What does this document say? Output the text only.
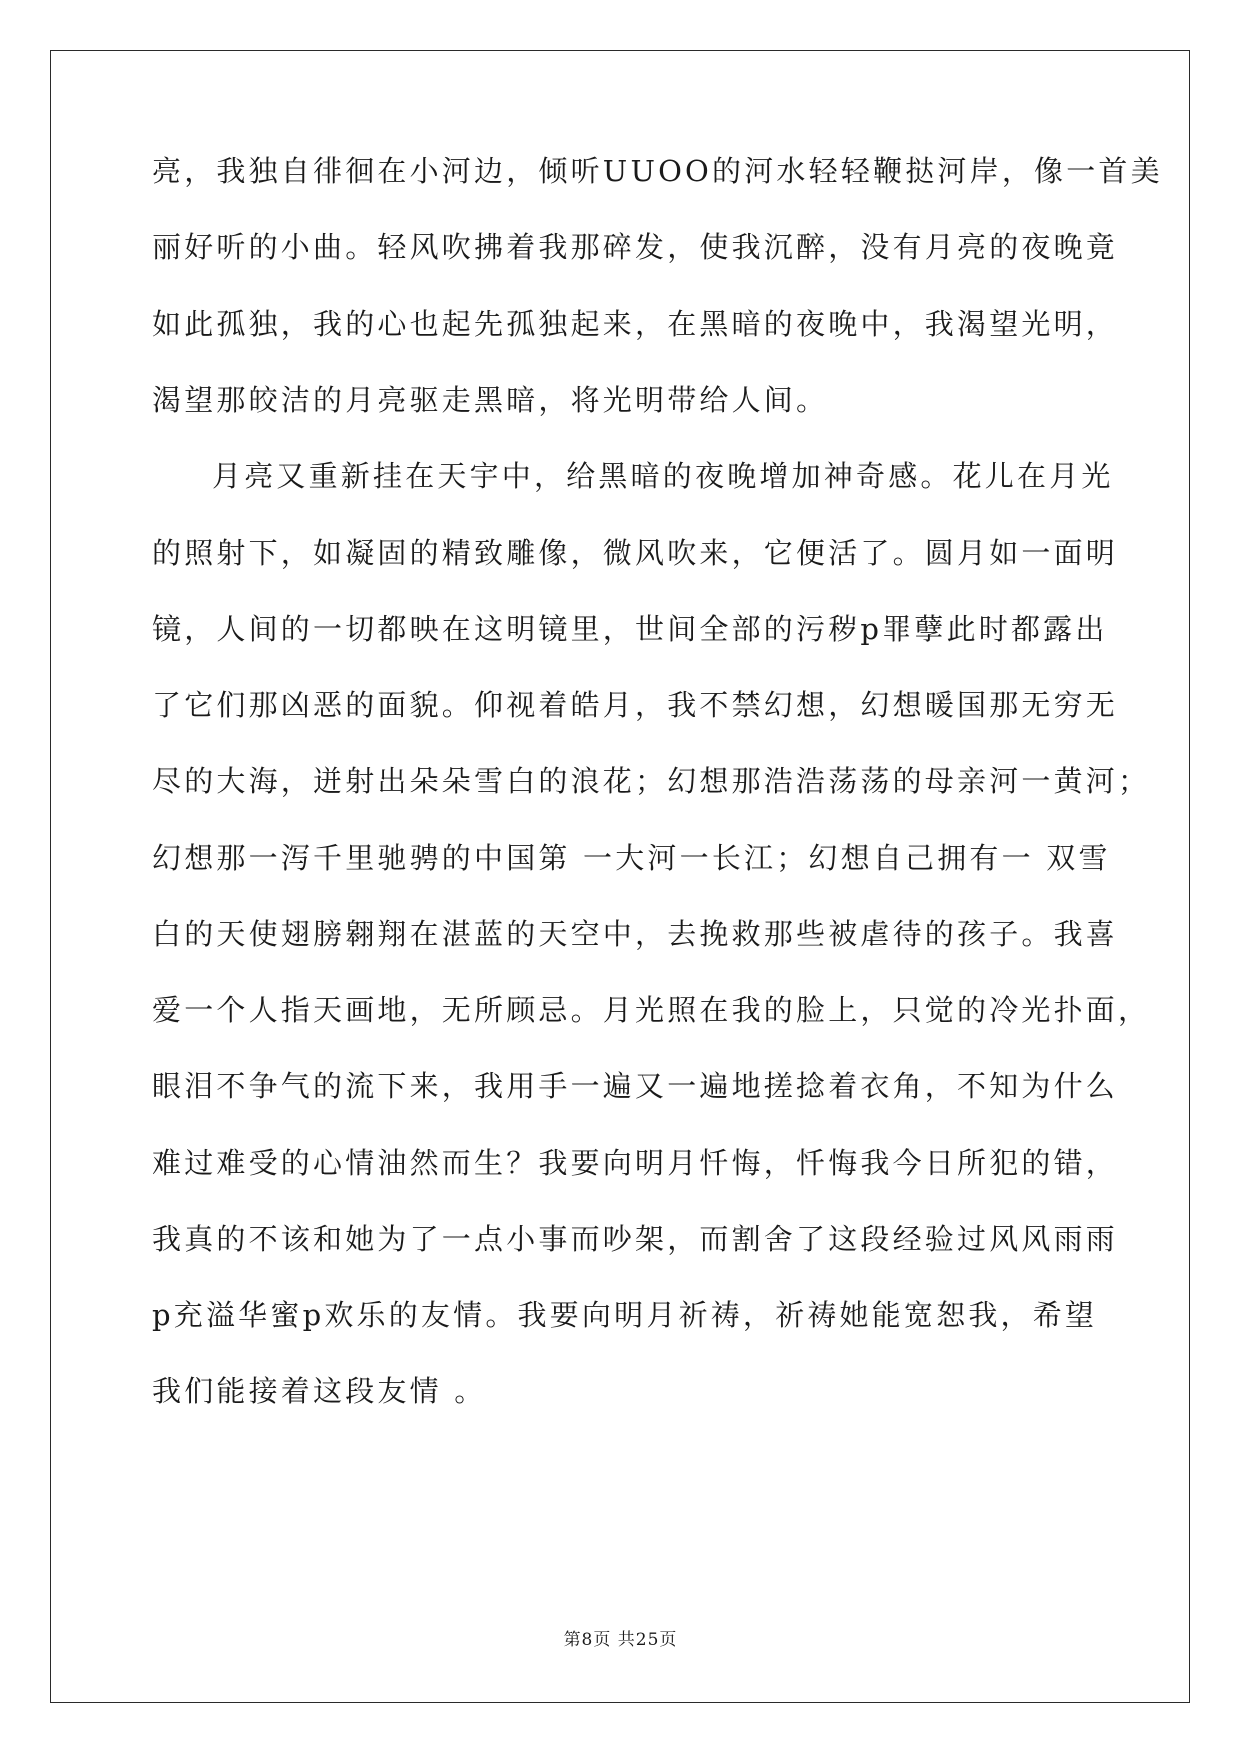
亮，我独自徘徊在小河边，倾听UUOO的河水轻轻鞭挞河岸，像一首美
丽好听的小曲。轻风吹拂着我那碎发，使我沉醉，没有月亮的夜晚竟
如此孤独，我的心也起先孤独起来，在黑暗的夜晚中，我渴望光明，
渴望那皎洁的月亮驱走黑暗，将光明带给人间。
月亮又重新挂在天宇中，给黑暗的夜晚增加神奇感。花儿在月光
的照射下，如凝固的精致雕像，微风吹来，它便活了。圆月如一面明
镜，人间的一切都映在这明镜里，世间全部的污秽p罪孽此时都露出
了它们那凶恶的面貌。仰视着皓月，我不禁幻想，幻想暖国那无穷无
尽的大海，迸射出朵朵雪白的浪花；幻想那浩浩荡荡的母亲河一黄河；
幻想那一泻千里驰骋的中国第 一大河一长江；幻想自己拥有一 双雪
白的天使翅膀翱翔在湛蓝的天空中，去挽救那些被虐待的孩子。我喜
爱一个人指天画地，无所顾忌。月光照在我的脸上，只觉的冷光扑面，
眼泪不争气的流下来，我用手一遍又一遍地搓捻着衣角，不知为什么
难过难受的心情油然而生？我要向明月忏悔，忏悔我今日所犯的错，
我真的不该和她为了一点小事而吵架，而割舍了这段经验过风风雨雨
p充溢华蜜p欢乐的友情。我要向明月祈祷，祈祷她能宽恕我，希望
我们能接着这段友情 。
第8页 共25页
